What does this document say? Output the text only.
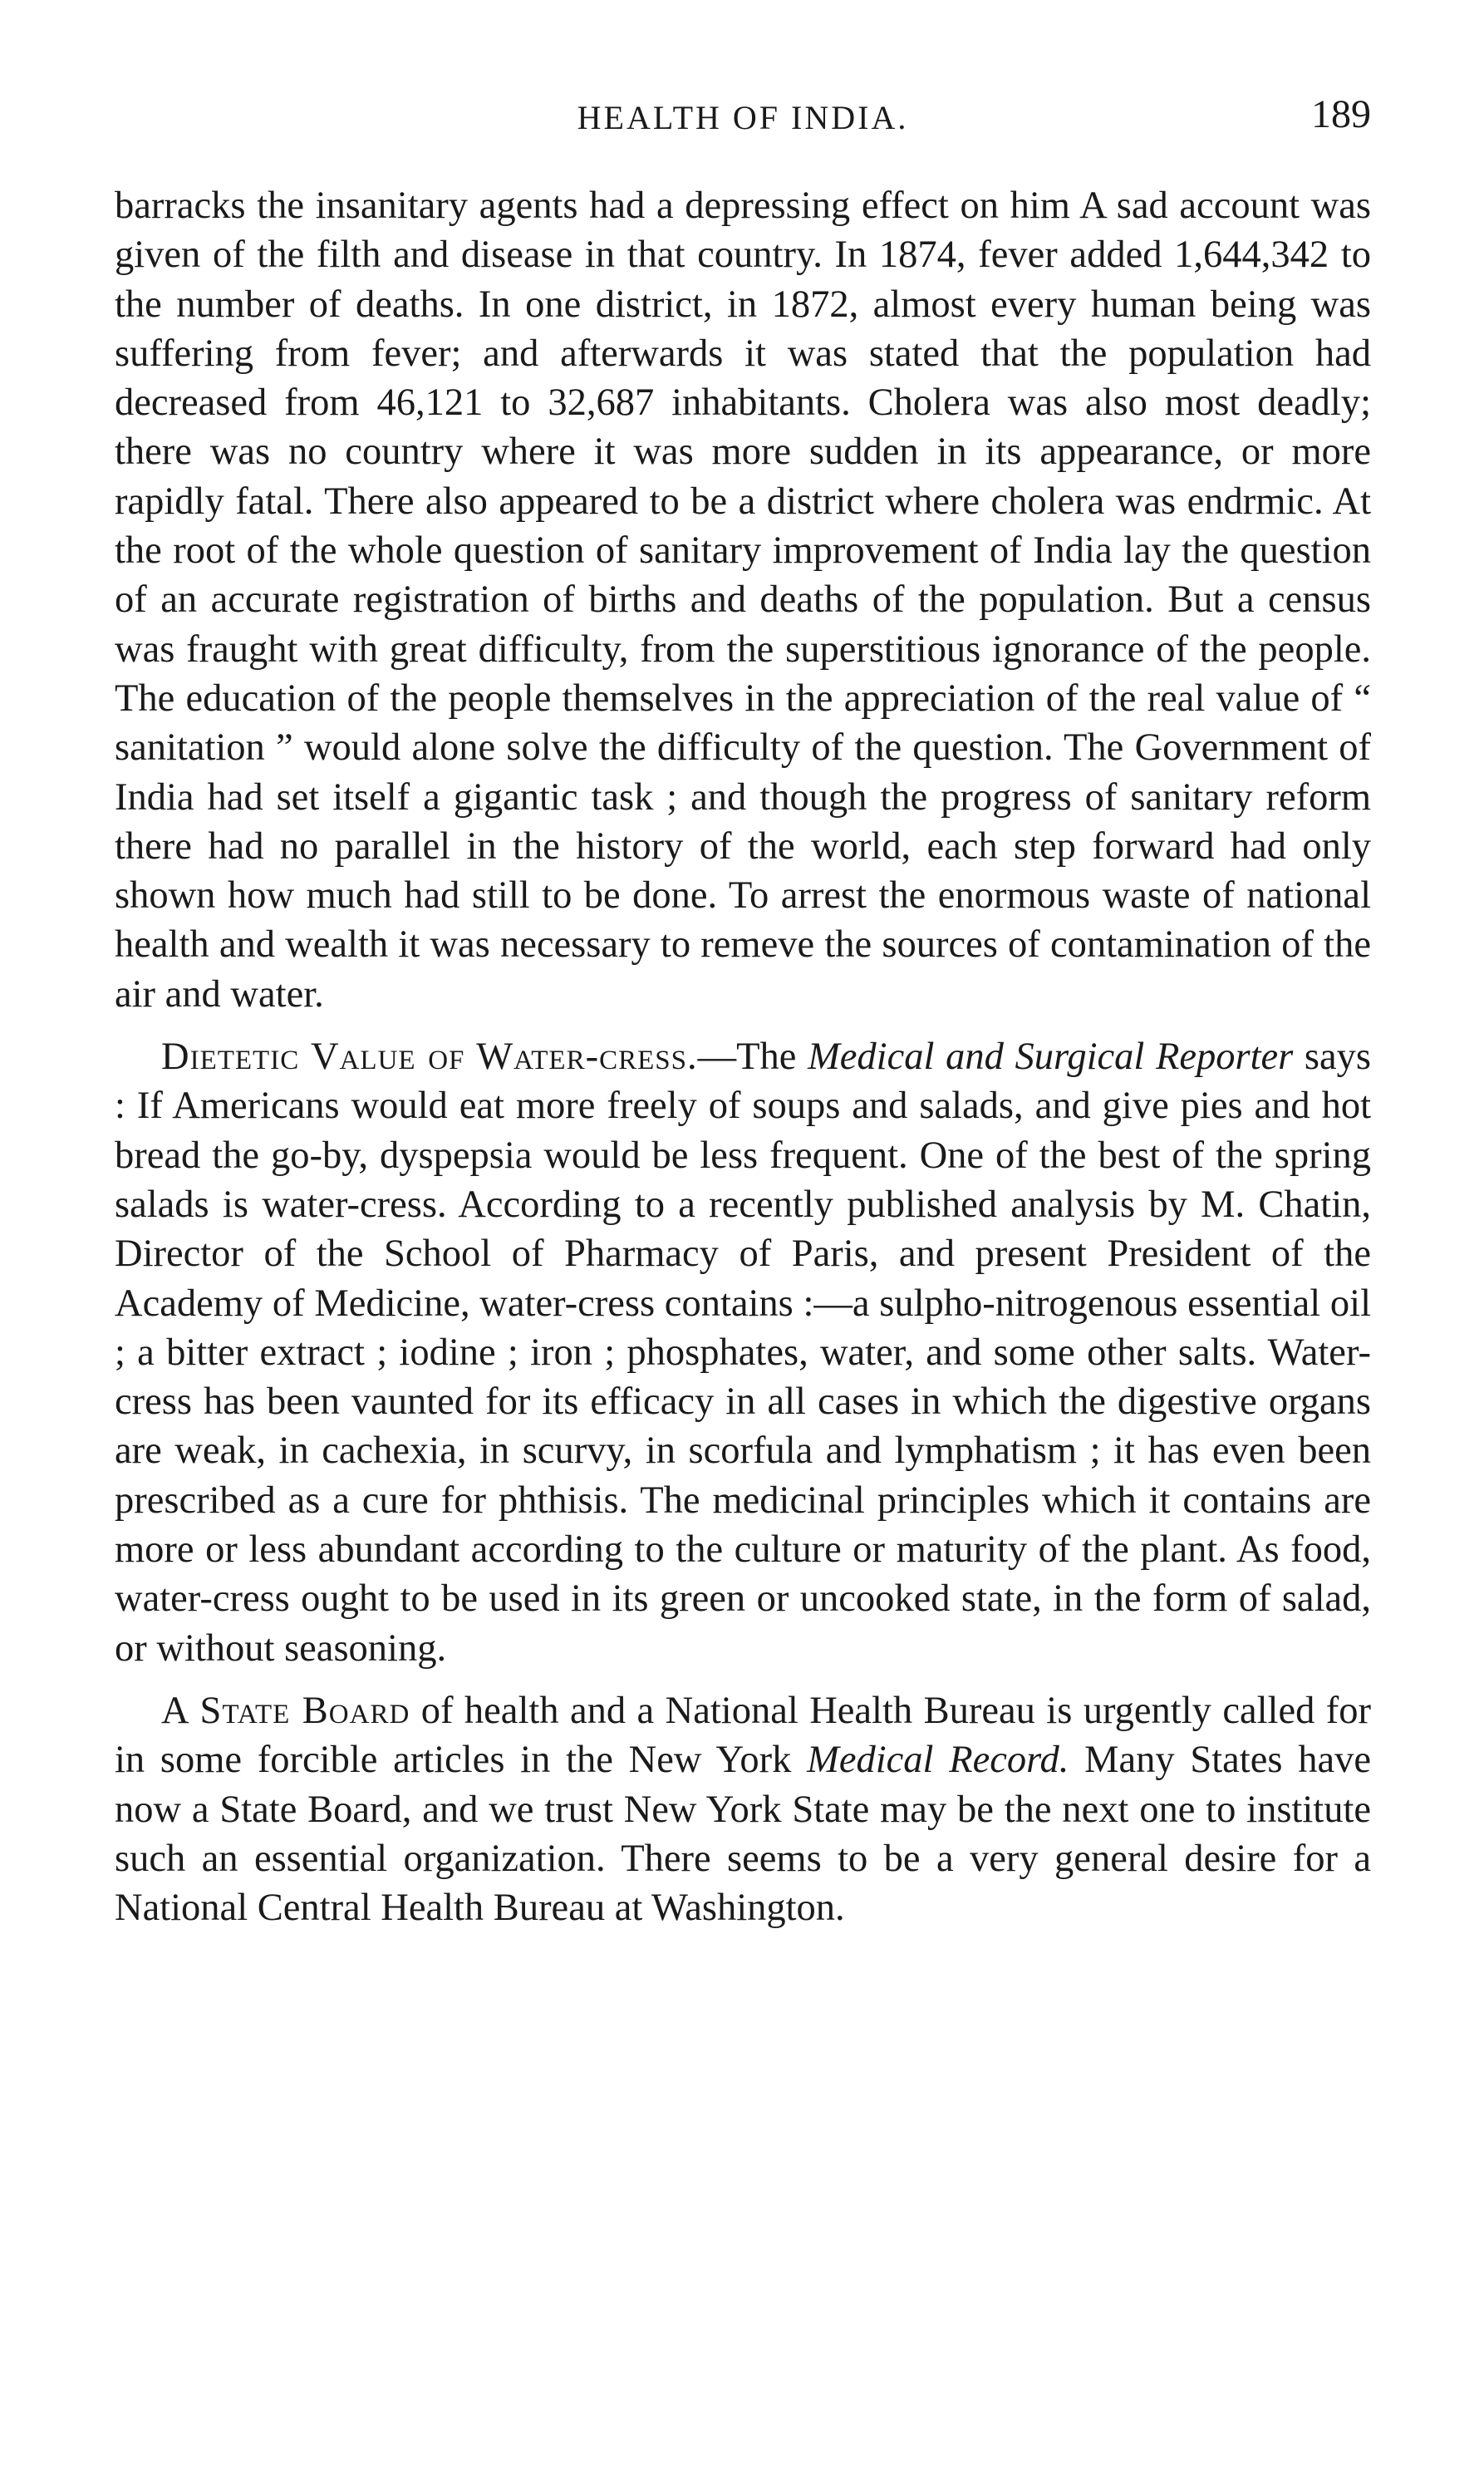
HEALTH OF INDIA.	189

barracks the insanitary agents had a depressing effect on him A sad account was given of the filth and disease in that country. In 1874, fever added 1,644,342 to the number of deaths. In one district, in 1872, almost every human being was suffering from fever; and afterwards it was stated that the population had decreased from 46,121 to 32,687 inhabitants. Cholera was also most deadly; there was no country where it was more sudden in its appearance, or more rapidly fatal. There also appeared to be a district where cholera was endrmic. At the root of the whole question of sanitary improvement of India lay the question of an accurate registration of births and deaths of the population. But a census was fraught with great difficulty, from the superstitious ignorance of the people. The education of the people themselves in the appreciation of the real value of “ sanitation ” would alone solve the difficulty of the question. The Government of India had set itself a gigantic task ; and though the progress of sanitary reform there had no parallel in the history of the world, each step forward had only shown how much had still to be done. To arrest the enormous waste of national health and wealth it was necessary to remeve the sources of contamination of the air and water.

Dietetic Value of Water-cress.—The Medical and Surgical Reporter says : If Americans would eat more freely of soups and salads, and give pies and hot bread the go-by, dyspepsia would be less frequent. One of the best of the spring salads is water-cress. According to a recently published analysis by M. Chatin, Director of the School of Pharmacy of Paris, and present President of the Academy of Medicine, water-cress contains :—a sulpho-nitrogenous essential oil ; a bitter extract ; iodine ; iron ; phosphates, water, and some other salts. Water-cress has been vaunted for its efficacy in all cases in which the digestive organs are weak, in cachexia, in scurvy, in scorfula and lymphatism ; it has even been prescribed as a cure for phthisis. The medicinal principles which it contains are more or less abundant according to the culture or maturity of the plant. As food, water-cress ought to be used in its green or uncooked state, in the form of salad, or without seasoning.

A State Board of health and a National Health Bureau is urgently called for in some forcible articles in the New York Medical Record. Many States have now a State Board, and we trust New York State may be the next one to institute such an essential organization. There seems to be a very general desire for a National Central Health Bureau at Washington.
